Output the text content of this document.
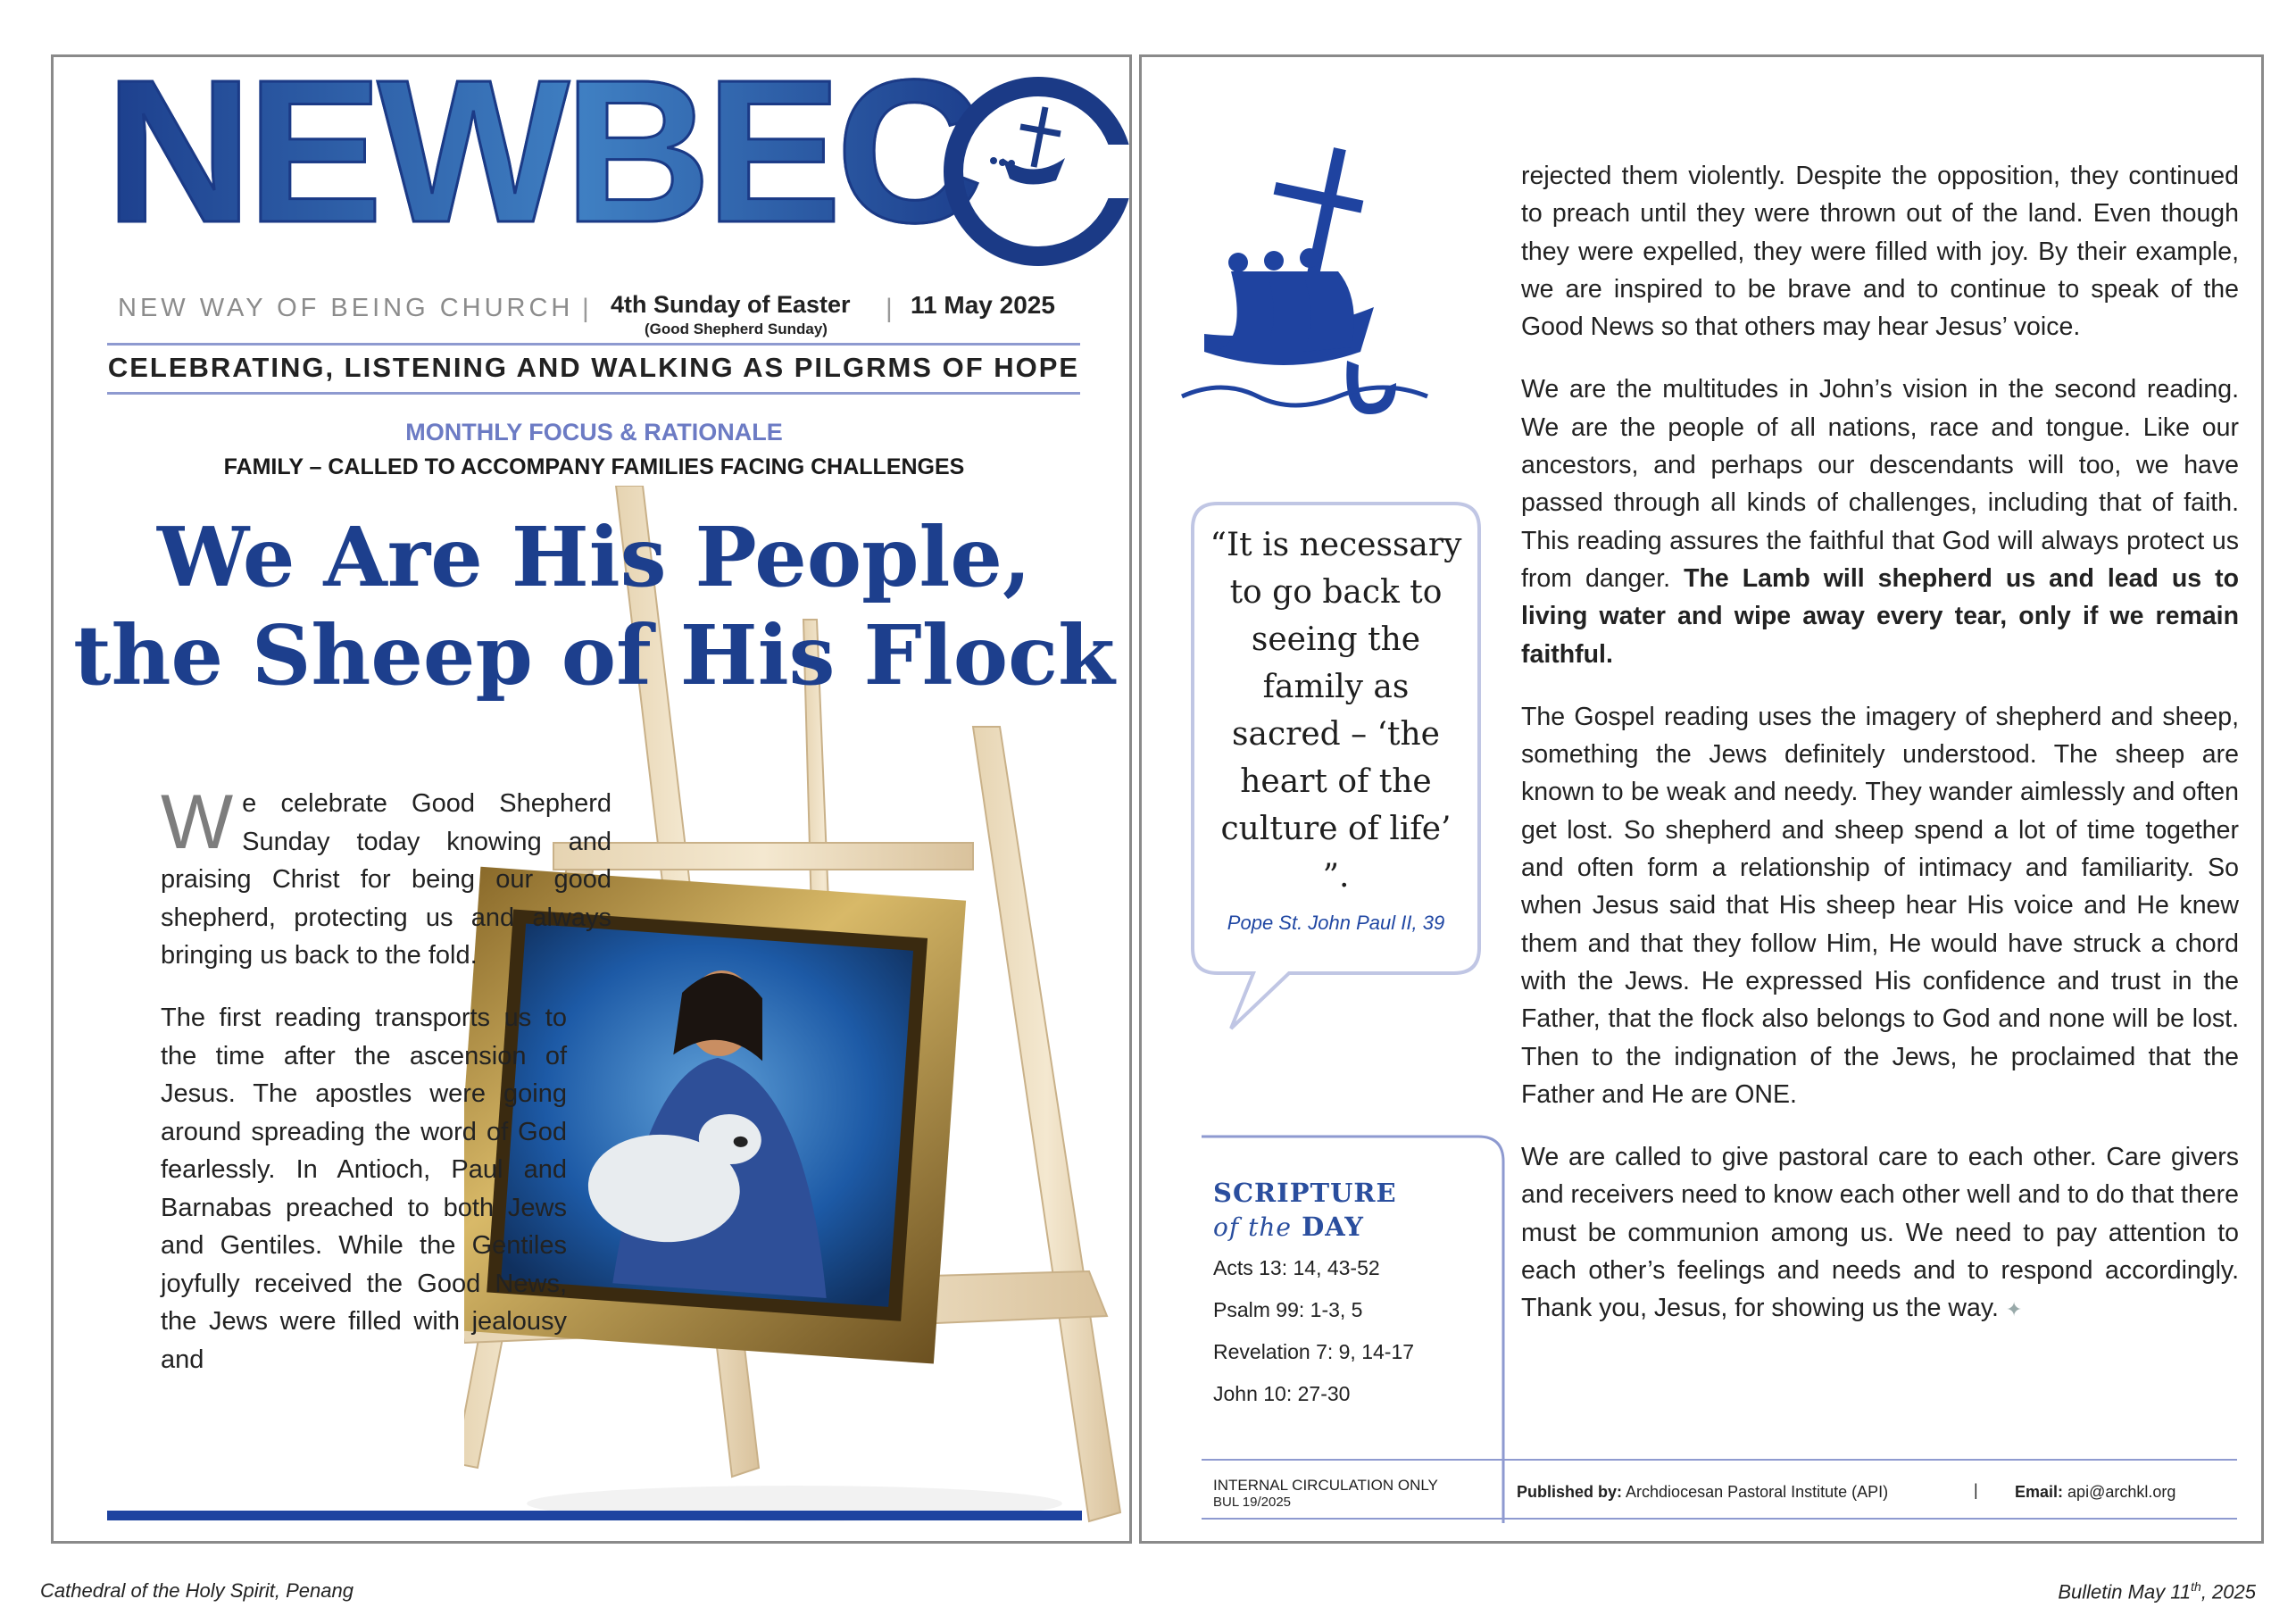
NEWBEC
NEW WAY OF BEING CHURCH | 4th Sunday of Easter
(Good Shepherd Sunday)
| 11 May 2025
CELEBRATING, LISTENING AND WALKING AS PILGRMS OF HOPE
MONTHLY FOCUS & RATIONALE
FAMILY – CALLED TO ACCOMPANY FAMILIES FACING CHALLENGES
We Are His People,
the Sheep of His Flock
W e celebrate Good Shepherd Sunday today knowing and praising Christ for being our good shepherd, protecting us and always bringing us back to the fold.

The first reading transports us to the time after the ascension of Jesus. The apostles were going around spreading the word of God fearlessly. In Antioch, Paul and Barnabas preached to both Jews and Gentiles. While the Gentiles joyfully received the Good News, the Jews were filled with jealousy and

“It is necessary to go back to seeing the family as sacred – ‘the heart of the culture of life’ ”.
Pope St. John Paul II, 39
SCRIPTURE
of the DAY
Acts 13: 14, 43-52
Psalm 99: 1-3, 5
Revelation 7: 9, 14-17
John 10: 27-30

rejected them violently. Despite the opposition, they continued to preach until they were thrown out of the land. Even though they were expelled, they were filled with joy. By their example, we are inspired to be brave and to continue to speak of the Good News so that others may hear Jesus’ voice.

We are the multitudes in John’s vision in the second reading. We are the people of all nations, race and tongue. Like our ancestors, and perhaps our descendants will too, we have passed through all kinds of challenges, including that of faith. This reading assures the faithful that God will always protect us from danger. The Lamb will shepherd us and lead us to living water and wipe away every tear, only if we remain faithful.

The Gospel reading uses the imagery of shepherd and sheep, something the Jews definitely understood. The sheep are known to be weak and needy. They wander aimlessly and often get lost. So shepherd and sheep spend a lot of time together and often form a relationship of intimacy and familiarity. So when Jesus said that His sheep hear His voice and He knew them and that they follow Him, He would have struck a chord with the Jews. He expressed His confidence and trust in the Father, that the flock also belongs to God and none will be lost. Then to the indignation of the Jews, he proclaimed that the Father and He are ONE.

We are called to give pastoral care to each other. Care givers and receivers need to know each other well and to do that there must be communion among us. We need to pay attention to each other’s feelings and needs and to respond accordingly. Thank you, Jesus, for showing us the way. ✦

INTERNAL CIRCULATION ONLY
BUL 19/2025
Published by: Archdiocesan Pastoral Institute (API)	| Email: api@archkl.org
Cathedral of the Holy Spirit, Penang	Bulletin May 11th, 2025
